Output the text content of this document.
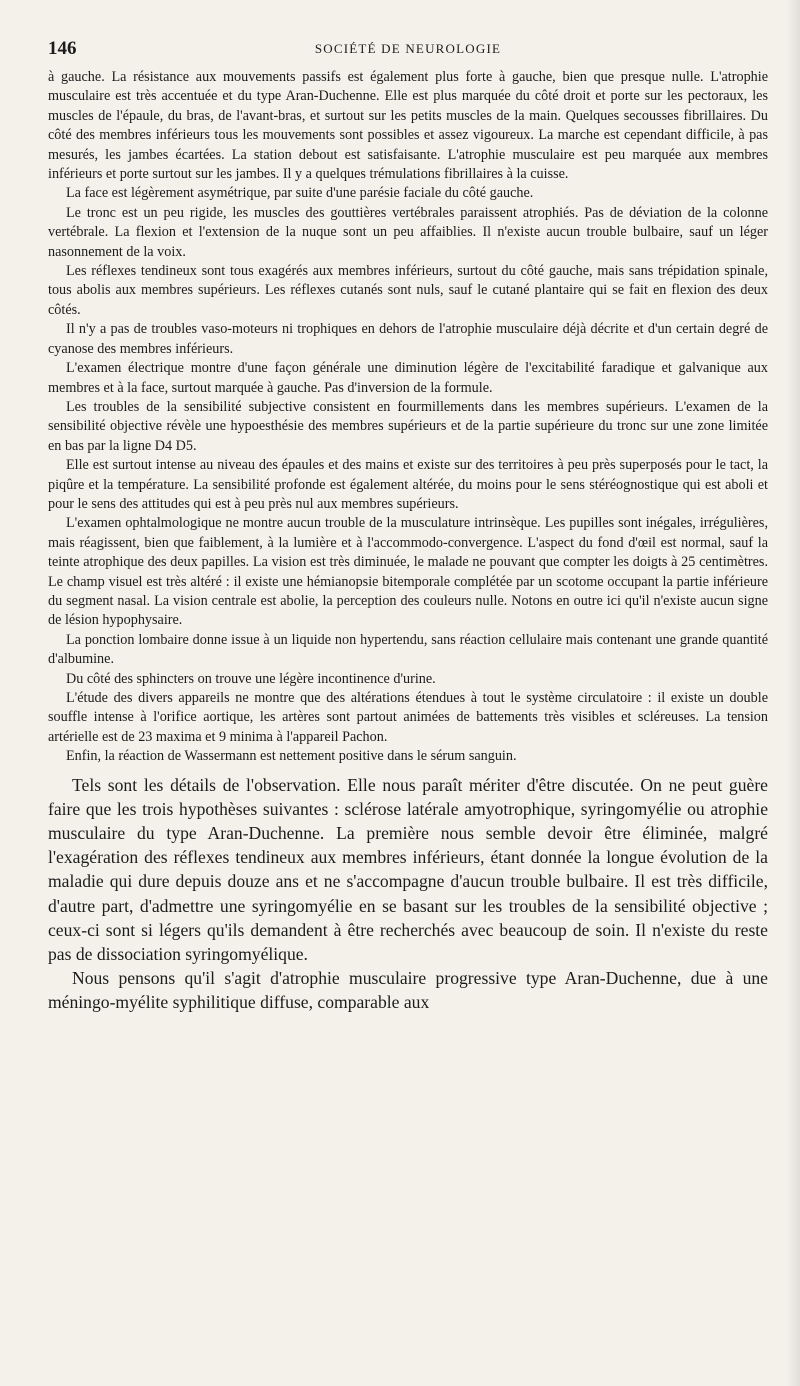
146	SOCIÉTÉ DE NEUROLOGIE

à gauche. La résistance aux mouvements passifs est également plus forte à gauche, bien que presque nulle. L'atrophie musculaire est très accentuée et du type Aran-Duchenne. Elle est plus marquée du côté droit et porte sur les pectoraux, les muscles de l'épaule, du bras, de l'avant-bras, et surtout sur les petits muscles de la main. Quelques secousses fibrillaires. Du côté des membres inférieurs tous les mouvements sont possibles et assez vigoureux. La marche est cependant difficile, à pas mesurés, les jambes écartées. La station debout est satisfaisante. L'atrophie musculaire est peu marquée aux membres inférieurs et porte surtout sur les jambes. Il y a quelques trémulations fibrillaires à la cuisse.

La face est légèrement asymétrique, par suite d'une parésie faciale du côté gauche.

Le tronc est un peu rigide, les muscles des gouttières vertébrales paraissent atrophiés. Pas de déviation de la colonne vertébrale. La flexion et l'extension de la nuque sont un peu affaiblies. Il n'existe aucun trouble bulbaire, sauf un léger nasonnement de la voix.

Les réflexes tendineux sont tous exagérés aux membres inférieurs, surtout du côté gauche, mais sans trépidation spinale, tous abolis aux membres supérieurs. Les réflexes cutanés sont nuls, sauf le cutané plantaire qui se fait en flexion des deux côtés.

Il n'y a pas de troubles vaso-moteurs ni trophiques en dehors de l'atrophie musculaire déjà décrite et d'un certain degré de cyanose des membres inférieurs.

L'examen électrique montre d'une façon générale une diminution légère de l'excitabilité faradique et galvanique aux membres et à la face, surtout marquée à gauche. Pas d'inversion de la formule.

Les troubles de la sensibilité subjective consistent en fourmillements dans les membres supérieurs. L'examen de la sensibilité objective révèle une hypoesthésie des membres supérieurs et de la partie supérieure du tronc sur une zone limitée en bas par la ligne D4 D5.

Elle est surtout intense au niveau des épaules et des mains et existe sur des territoires à peu près superposés pour le tact, la piqûre et la température. La sensibilité profonde est également altérée, du moins pour le sens stéréognostique qui est aboli et pour le sens des attitudes qui est à peu près nul aux membres supérieurs.

L'examen ophtalmologique ne montre aucun trouble de la musculature intrinsèque. Les pupilles sont inégales, irrégulières, mais réagissent, bien que faiblement, à la lumière et à l'accommodo-convergence. L'aspect du fond d'œil est normal, sauf la teinte atrophique des deux papilles. La vision est très diminuée, le malade ne pouvant que compter les doigts à 25 centimètres. Le champ visuel est très altéré : il existe une hémianopsie bitemporale complétée par un scotome occupant la partie inférieure du segment nasal. La vision centrale est abolie, la perception des couleurs nulle. Notons en outre ici qu'il n'existe aucun signe de lésion hypophysaire.

La ponction lombaire donne issue à un liquide non hypertendu, sans réaction cellulaire mais contenant une grande quantité d'albumine.

Du côté des sphincters on trouve une légère incontinence d'urine.

L'étude des divers appareils ne montre que des altérations étendues à tout le système circulatoire : il existe un double souffle intense à l'orifice aortique, les artères sont partout animées de battements très visibles et scléreuses. La tension artérielle est de 23 maxima et 9 minima à l'appareil Pachon.

Enfin, la réaction de Wassermann est nettement positive dans le sérum sanguin.

Tels sont les détails de l'observation. Elle nous paraît mériter d'être discutée. On ne peut guère faire que les trois hypothèses suivantes : sclérose latérale amyotrophique, syringomyélie ou atrophie musculaire du type Aran-Duchenne. La première nous semble devoir être éliminée, malgré l'exagération des réflexes tendineux aux membres inférieurs, étant donnée la longue évolution de la maladie qui dure depuis douze ans et ne s'accompagne d'aucun trouble bulbaire. Il est très difficile, d'autre part, d'admettre une syringomyélie en se basant sur les troubles de la sensibilité objective ; ceux-ci sont si légers qu'ils demandent à être recherchés avec beaucoup de soin. Il n'existe du reste pas de dissociation syringomyélique.

Nous pensons qu'il s'agit d'atrophie musculaire progressive type Aran-Duchenne, due à une méningo-myélite syphilitique diffuse, comparable aux
